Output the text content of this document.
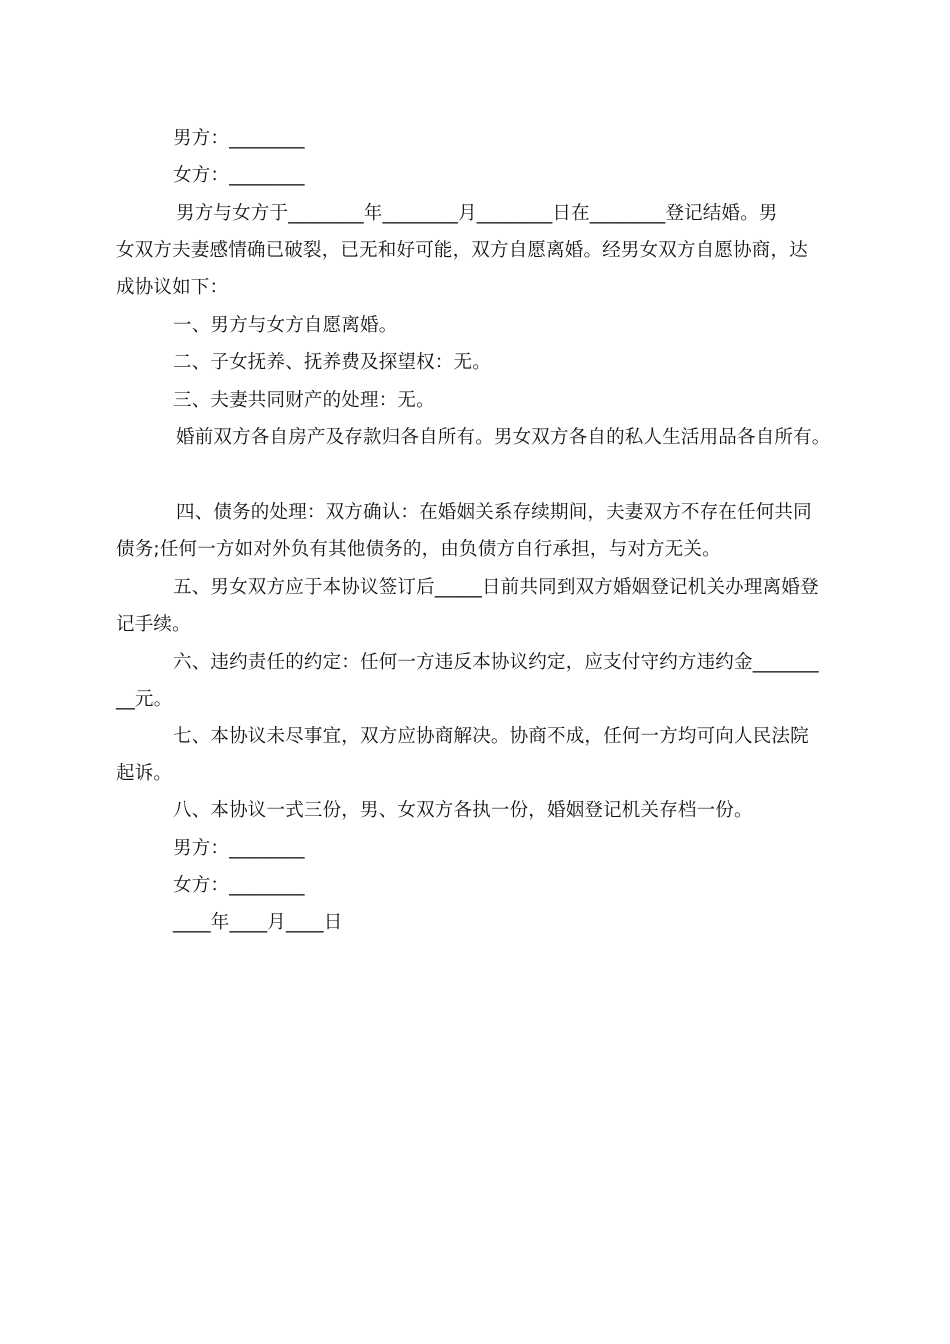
男方：________
女方：________
男方与女方于________年________月________日在________登记结婚。男
女双方夫妻感情确已破裂，已无和好可能，双方自愿离婚。经男女双方自愿协商，达
成协议如下：
一、男方与女方自愿离婚。
二、子女抚养、抚养费及探望权：无。
三、夫妻共同财产的处理：无。
婚前双方各自房产及存款归各自所有。男女双方各自的私人生活用品各自所有。
四、债务的处理：双方确认：在婚姻关系存续期间，夫妻双方不存在任何共同
债务;任何一方如对外负有其他债务的，由负债方自行承担，与对方无关。
五、男女双方应于本协议签订后_____日前共同到双方婚姻登记机关办理离婚登
记手续。
六、违约责任的约定：任何一方违反本协议约定，应支付守约方违约金_______
__元。
七、本协议未尽事宜，双方应协商解决。协商不成，任何一方均可向人民法院
起诉。
八、本协议一式三份，男、女双方各执一份，婚姻登记机关存档一份。
男方：________
女方：________
____年____月____日
